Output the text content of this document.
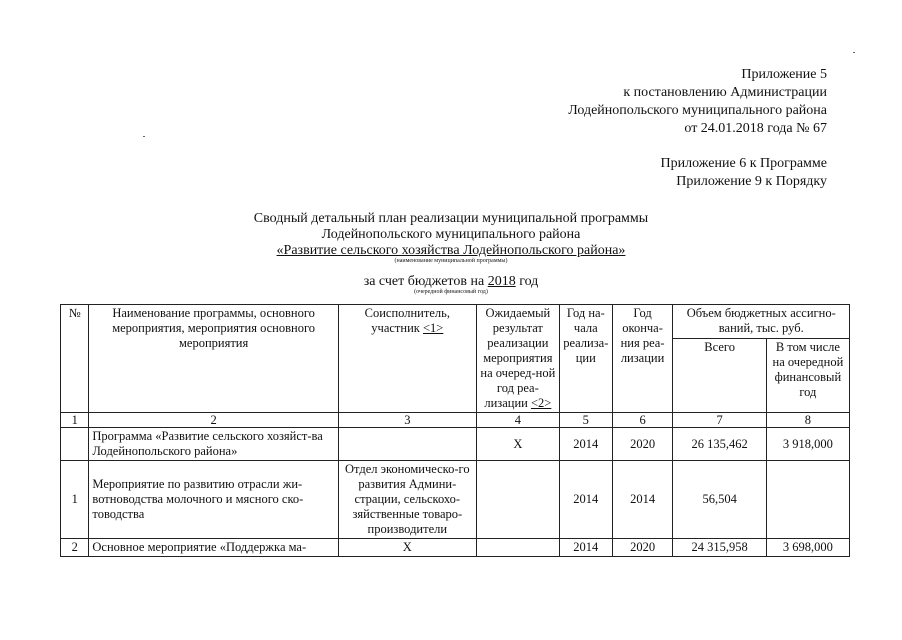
Приложение 5
к постановлению Администрации
Лодейнопольского муниципального района
от 24.01.2018 года № 67
Приложение 6 к Программе
Приложение 9 к Порядку
Сводный детальный план реализации муниципальной программы
Лодейнопольского муниципального района
«Развитие сельского хозяйства Лодейнопольского района»
(наименование муниципальной программы)
за счет бюджетов на 2018 год
(очередной финансовый год)
№	Наименование программы, основного мероприятия, мероприятия основного мероприятия	Соисполнитель, участник <1>	Ожидаемый результат реализации мероприятия на очеред-ной год реа-лизации <2>	Год на-чала реализа-ции	Год оконча-ния реа-лизации	Объем бюджетных ассигно-ваний, тыс. руб.	
						Всего	В том числе на очередной финансовый год
1	2	3	4	5	6	7	8
	Программа «Развитие сельского хозяйст-ва Лодейнопольского района»		Х	2014	2020	26 135,462	3 918,000
1	Мероприятие по развитию отрасли жи-вотноводства молочного и мясного ско-товодства	Отдел экономическо-го развития Админи-страции, сельскохо-зяйственные товаро-производители		2014	2014	56,504	
2	Основное мероприятие «Поддержка ма-	Х		2014	2020	24 315,958	3 698,000
